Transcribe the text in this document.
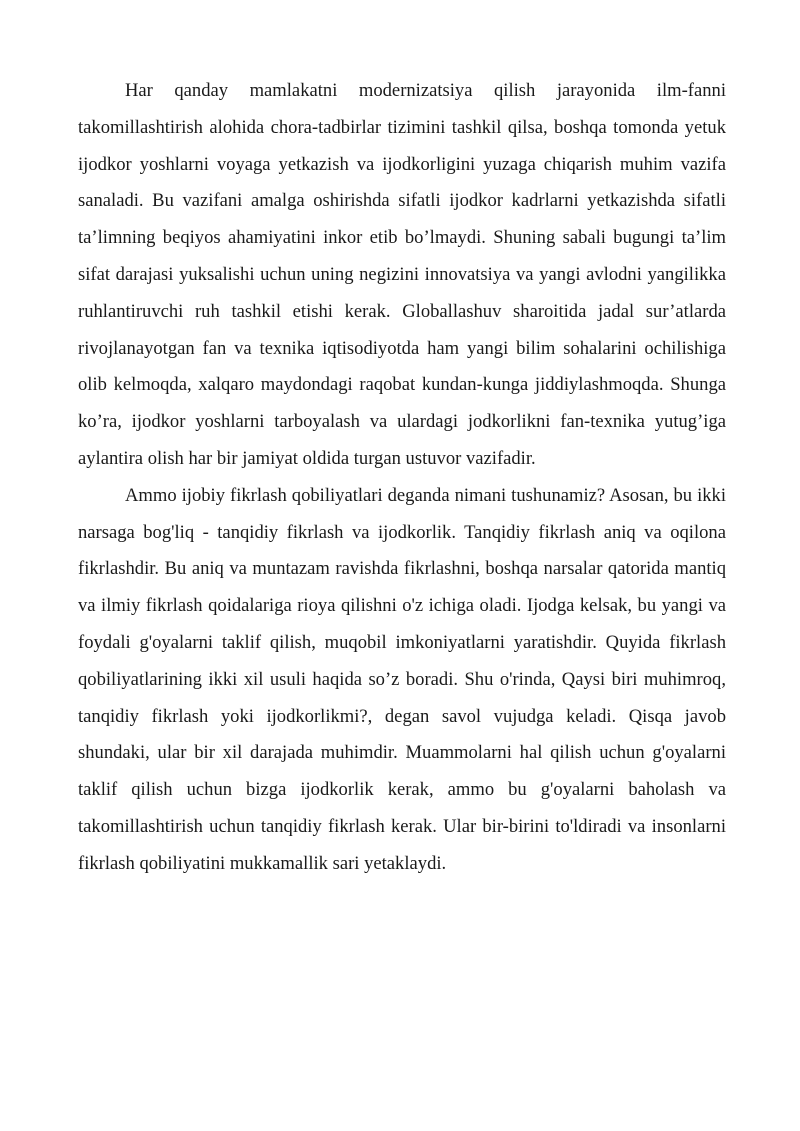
Har qanday mamlakatni modernizatsiya qilish jarayonida ilm-fanni takomillashtirish alohida chora-tadbirlar tizimini tashkil qilsa, boshqa tomonda yetuk ijodkor yoshlarni voyaga yetkazish va ijodkorligini yuzaga chiqarish muhim vazifa sanaladi. Bu vazifani amalga oshirishda sifatli ijodkor kadrlarni yetkazishda sifatli ta’limning beqiyos ahamiyatini inkor etib bo’lmaydi. Shuning sabali bugungi ta’lim sifat darajasi yuksalishi uchun uning negizini innovatsiya va yangi avlodni yangilikka ruhlantiruvchi ruh tashkil etishi kerak. Globallashuv sharoitida jadal sur’atlarda rivojlanayotgan fan va texnika iqtisodiyotda ham yangi bilim sohalarini ochilishiga olib kelmoqda, xalqaro maydondagi raqobat kundan-kunga jiddiylashmoqda. Shunga ko’ra, ijodkor yoshlarni tarboyalash va ulardagi jodkorlikni fan-texnika yutug’iga aylantira olish har bir jamiyat oldida turgan ustuvor vazifadir.

Ammo ijobiy fikrlash qobiliyatlari deganda nimani tushunamiz? Asosan, bu ikki narsaga bog'liq - tanqidiy fikrlash va ijodkorlik. Tanqidiy fikrlash aniq va oqilona fikrlashdir. Bu aniq va muntazam ravishda fikrlashni, boshqa narsalar qatorida mantiq va ilmiy fikrlash qoidalariga rioya qilishni o'z ichiga oladi. Ijodga kelsak, bu yangi va foydali g'oyalarni taklif qilish, muqobil imkoniyatlarni yaratishdir. Quyida fikrlash qobiliyatlarining ikki xil usuli haqida so’z boradi. Shu o'rinda, Qaysi biri muhimroq, tanqidiy fikrlash yoki ijodkorlikmi?, degan savol vujudga keladi. Qisqa javob shundaki, ular bir xil darajada muhimdir. Muammolarni hal qilish uchun g'oyalarni taklif qilish uchun bizga ijodkorlik kerak, ammo bu g'oyalarni baholash va takomillashtirish uchun tanqidiy fikrlash kerak. Ular bir-birini to'ldiradi va insonlarni fikrlash qobiliyatini mukkamallik sari yetaklaydi.
